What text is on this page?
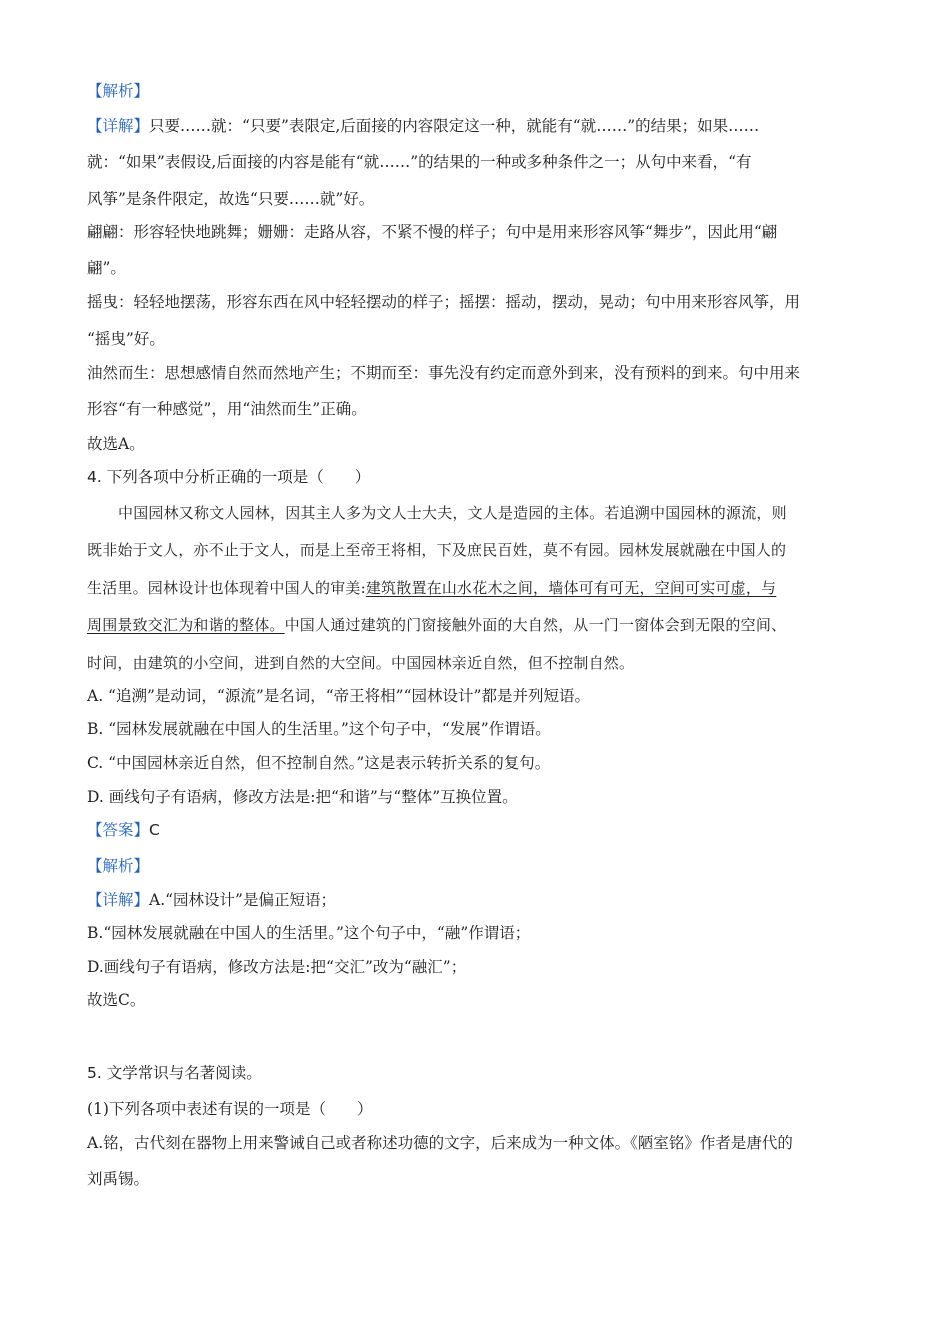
【解析】
【详解】只要……就：“只要”表限定,后面接的内容限定这一种，就能有“就……”的结果；如果……
就：“如果”表假设,后面接的内容是能有“就……”的结果的一种或多种条件之一；从句中来看，“有
风筝”是条件限定，故选“只要……就”好。
翩翩：形容轻快地跳舞；姗姗：走路从容，不紧不慢的样子；句中是用来形容风筝“舞步”，因此用“翩
翩”。
摇曳：轻轻地摆荡，形容东西在风中轻轻摆动的样子；摇摆：摇动，摆动，晃动；句中用来形容风筝，用
“摇曳”好。
油然而生：思想感情自然而然地产生；不期而至：事先没有约定而意外到来，没有预料的到来。句中用来
形容“有一种感觉”，用“油然而生”正确。
故选A。
4. 下列各项中分析正确的一项是（　　）
中国园林又称文人园林，因其主人多为文人士大夫，文人是造园的主体。若追溯中国园林的源流，则
既非始于文人，亦不止于文人，而是上至帝王将相，下及庶民百姓，莫不有园。园林发展就融在中国人的
生活里。园林设计也体现着中国人的审美:建筑散置在山水花木之间，墙体可有可无，空间可实可虚，与
周围景致交汇为和谐的整体。中国人通过建筑的门窗接触外面的大自然，从一门一窗体会到无限的空间、
时间，由建筑的小空间，进到自然的大空间。中国园林亲近自然，但不控制自然。
A. “追溯”是动词，“源流”是名词，“帝王将相”“园林设计”都是并列短语。
B. “园林发展就融在中国人的生活里。”这个句子中，“发展”作谓语。
C. “中国园林亲近自然，但不控制自然。”这是表示转折关系的复句。
D. 画线句子有语病，修改方法是:把“和谐”与“整体”互换位置。
【答案】C
【解析】
【详解】A.“园林设计”是偏正短语；
B.“园林发展就融在中国人的生活里。”这个句子中，“融”作谓语；
D.画线句子有语病，修改方法是:把“交汇”改为“融汇”；
故选C。
5. 文学常识与名著阅读。
(1)下列各项中表述有误的一项是（　　）
A.铭，古代刻在器物上用来警诫自己或者称述功德的文字，后来成为一种文体。《陋室铭》作者是唐代的
刘禹锡。
